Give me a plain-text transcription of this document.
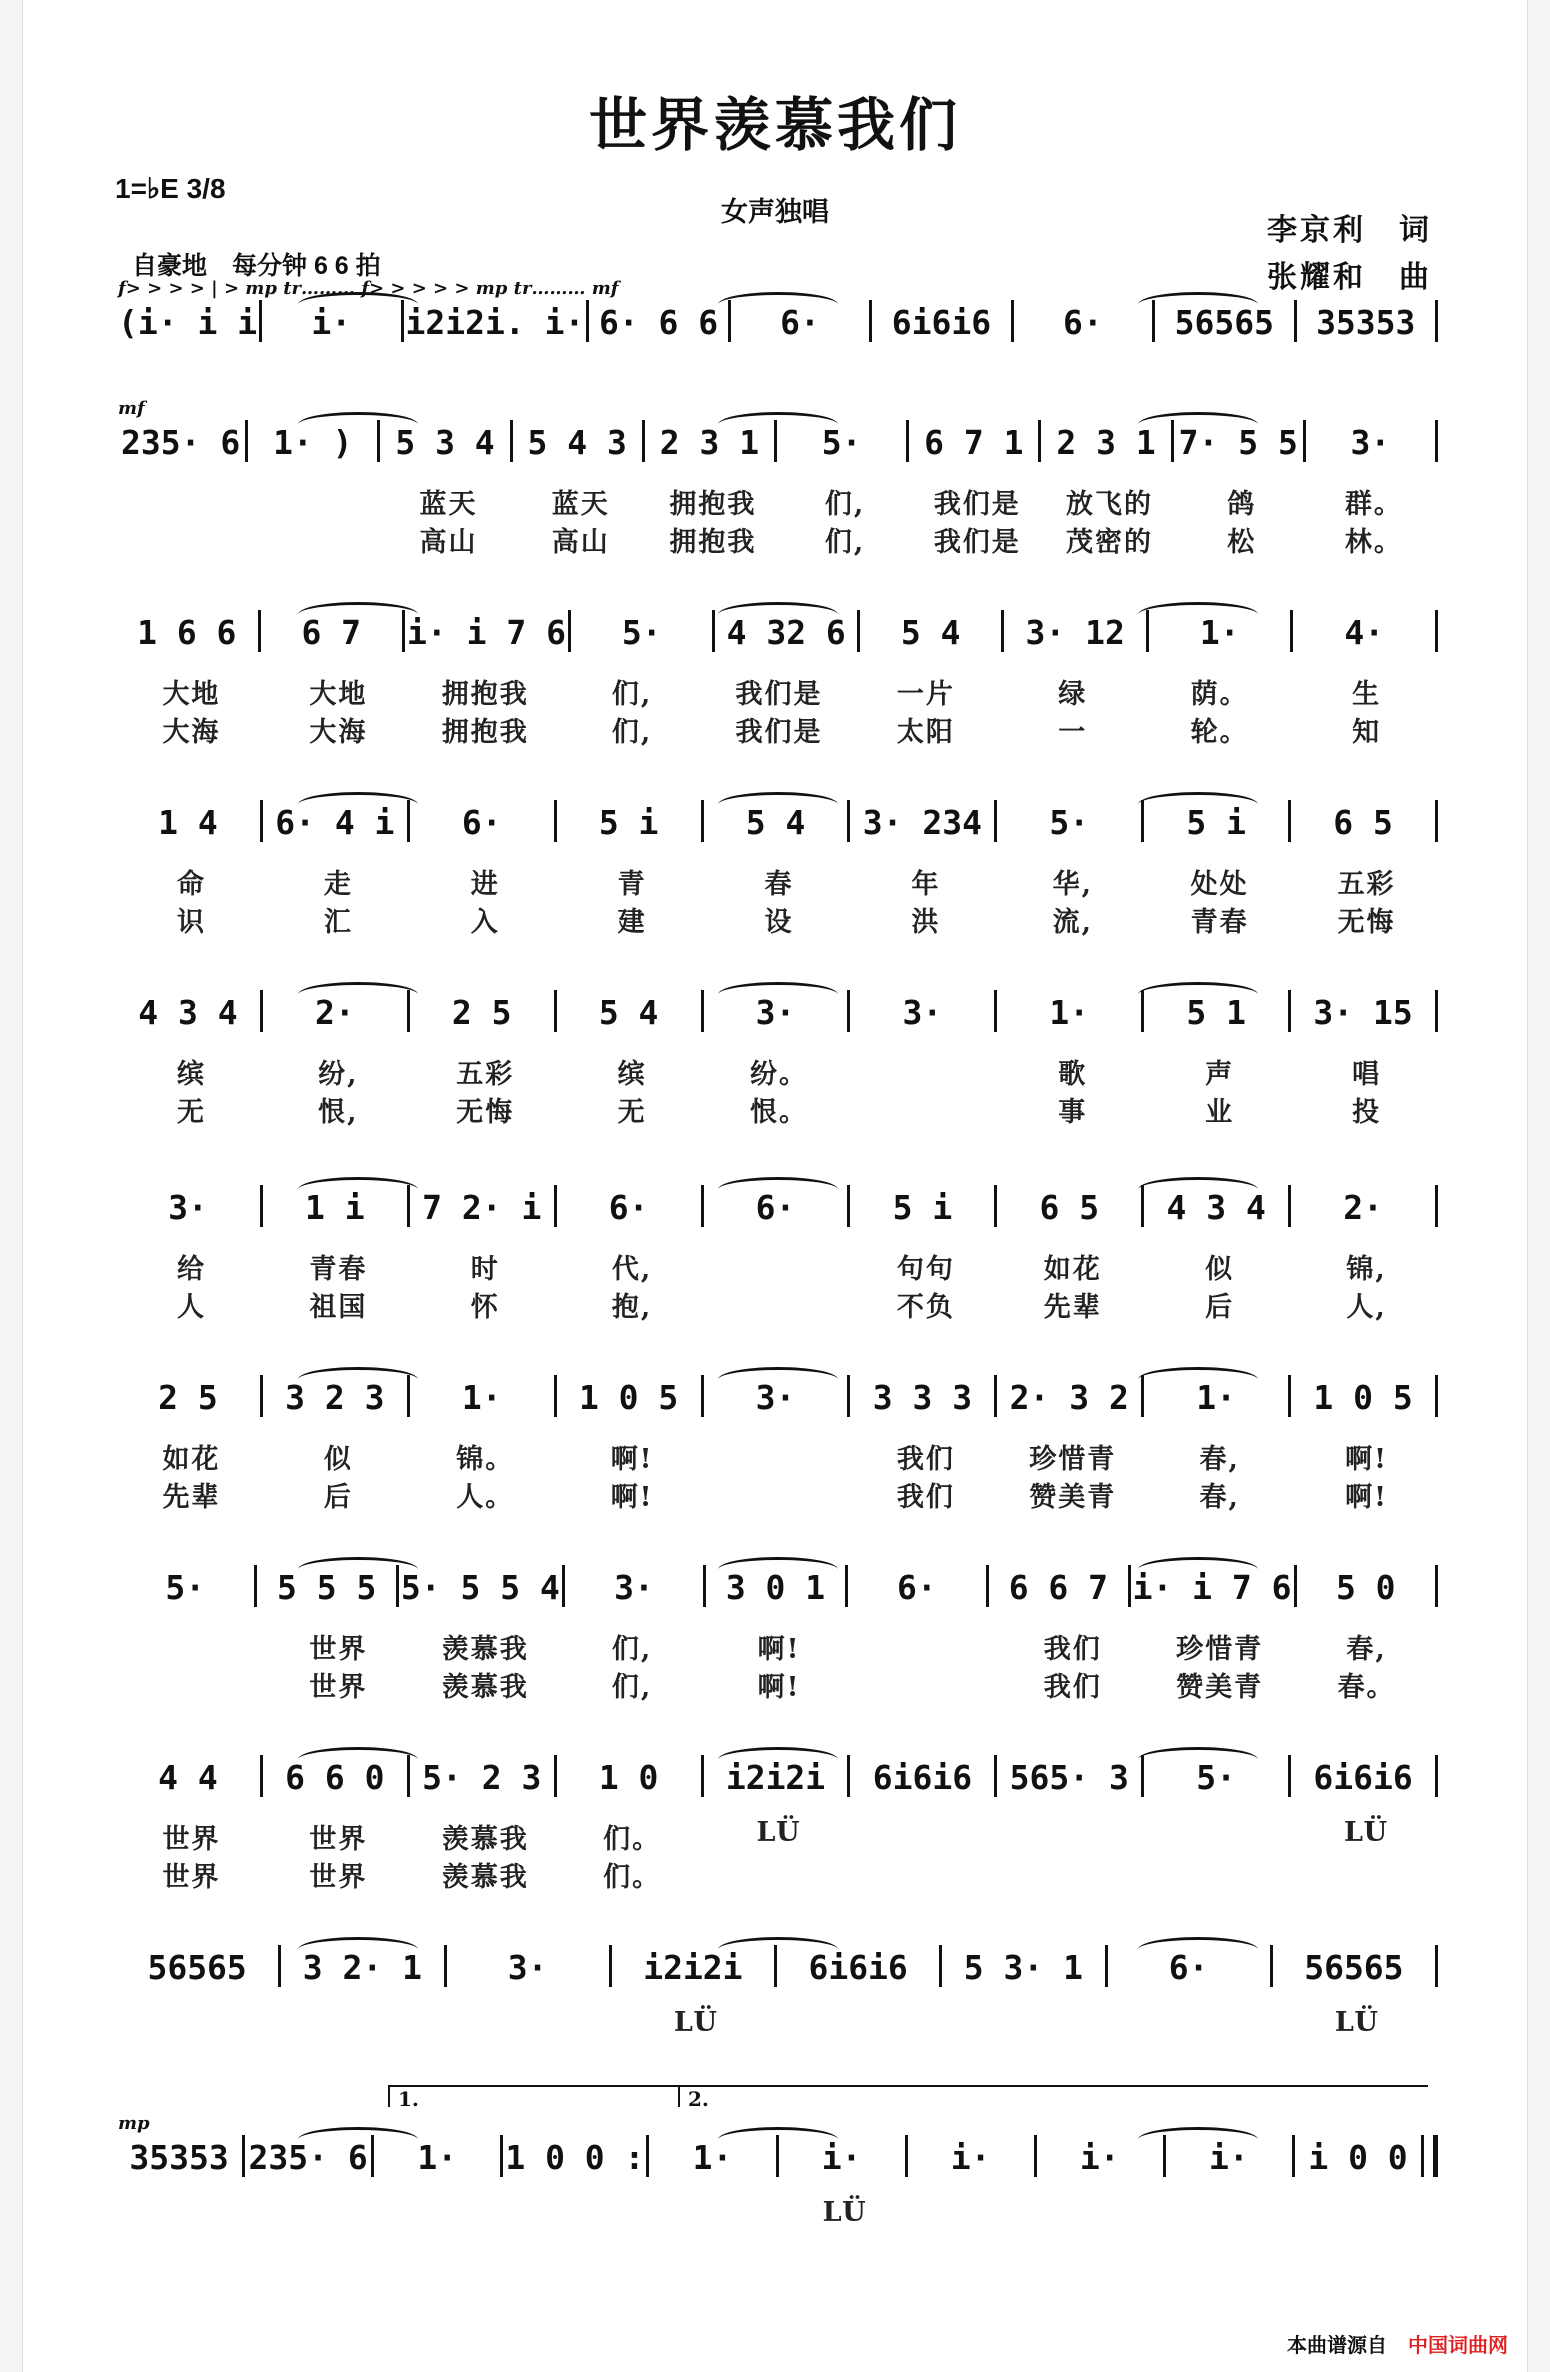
世界羡慕我们
1=♭E 3/8
女声独唱
李京利　词
张耀和　曲
自豪地　每分钟 6 6 拍
f> > > > | > mp tr……… f> > > > > mp tr……… mf
(i· i i	i·	i2i2i. i· 6· 6 6	6·	6i6i6	6·	56565	35353
mf
235· 6 1· )	5 3 4 5 4 3 2 3 1	5·	6 7 1 2 3 1 7· 5 5	3·
蓝天	蓝天	拥抱我	们,	我们是	放飞的	鸽	群。
高山	高山	拥抱我	们,	我们是	茂密的	松	林。
1 6 6	6 7	i· i 7 6	5·	4 32 6	5 4	3· 12	1·	4·
大地	大地	拥抱我	们,	我们是	一片	绿	荫。	生
大海	大海	拥抱我	们,	我们是	太阳	一	轮。	知
1 4	6· 4 i	6·	5 i	5 4	3· 234	5·	5 i	6 5
命	走	进	青	春	年	华,	处处	五彩
识	汇	入	建	设	洪	流,	青春	无悔
4 3 4	2·	2 5	5 4	3·	3·	1·	5 1	3· 15
缤	纷,	五彩	缤	纷。	歌	声	唱
无	恨,	无悔	无	恨。	事	业	投
3·	1 i	7 2· i	6·	6·	5 i	6 5	4 3 4	2·
给	青春	时	代,	句句	如花	似	锦,
人	祖国	怀	抱,	不负	先辈	后	人,
2 5	3 2 3	1·	1 0 5	3·	3 3 3	2· 3 2	1·	1 0 5
如花	似	锦。	啊!	我们	珍惜青	春,	啊!
先辈	后	人。	啊!	我们	赞美青	春,	啊!
5·	5 5 5 5· 5 5 4	3·	3 0 1	6·	6 6 7 i· i 7 6	5 0
世界	羡慕我	们,	啊!	我们	珍惜青	春,
世界	羡慕我	们,	啊!	我们	赞美青	春。
4 4	6 6 0	5· 2 3	1 0	i2i2i	6i6i6	565· 3	5·	6i6i6
世界	世界	羡慕我	们。	LÜ	LÜ
世界	世界	羡慕我	们。
56565	3 2· 1	3·	i2i2i	6i6i6	5 3· 1	6·	56565
LÜ	LÜ
mp
1.	2.
35353 235· 6	1·	1 0 0 :	1·	i·	i·	i·	i·	i 0 0
LÜ
本曲谱源自 中国词曲网
